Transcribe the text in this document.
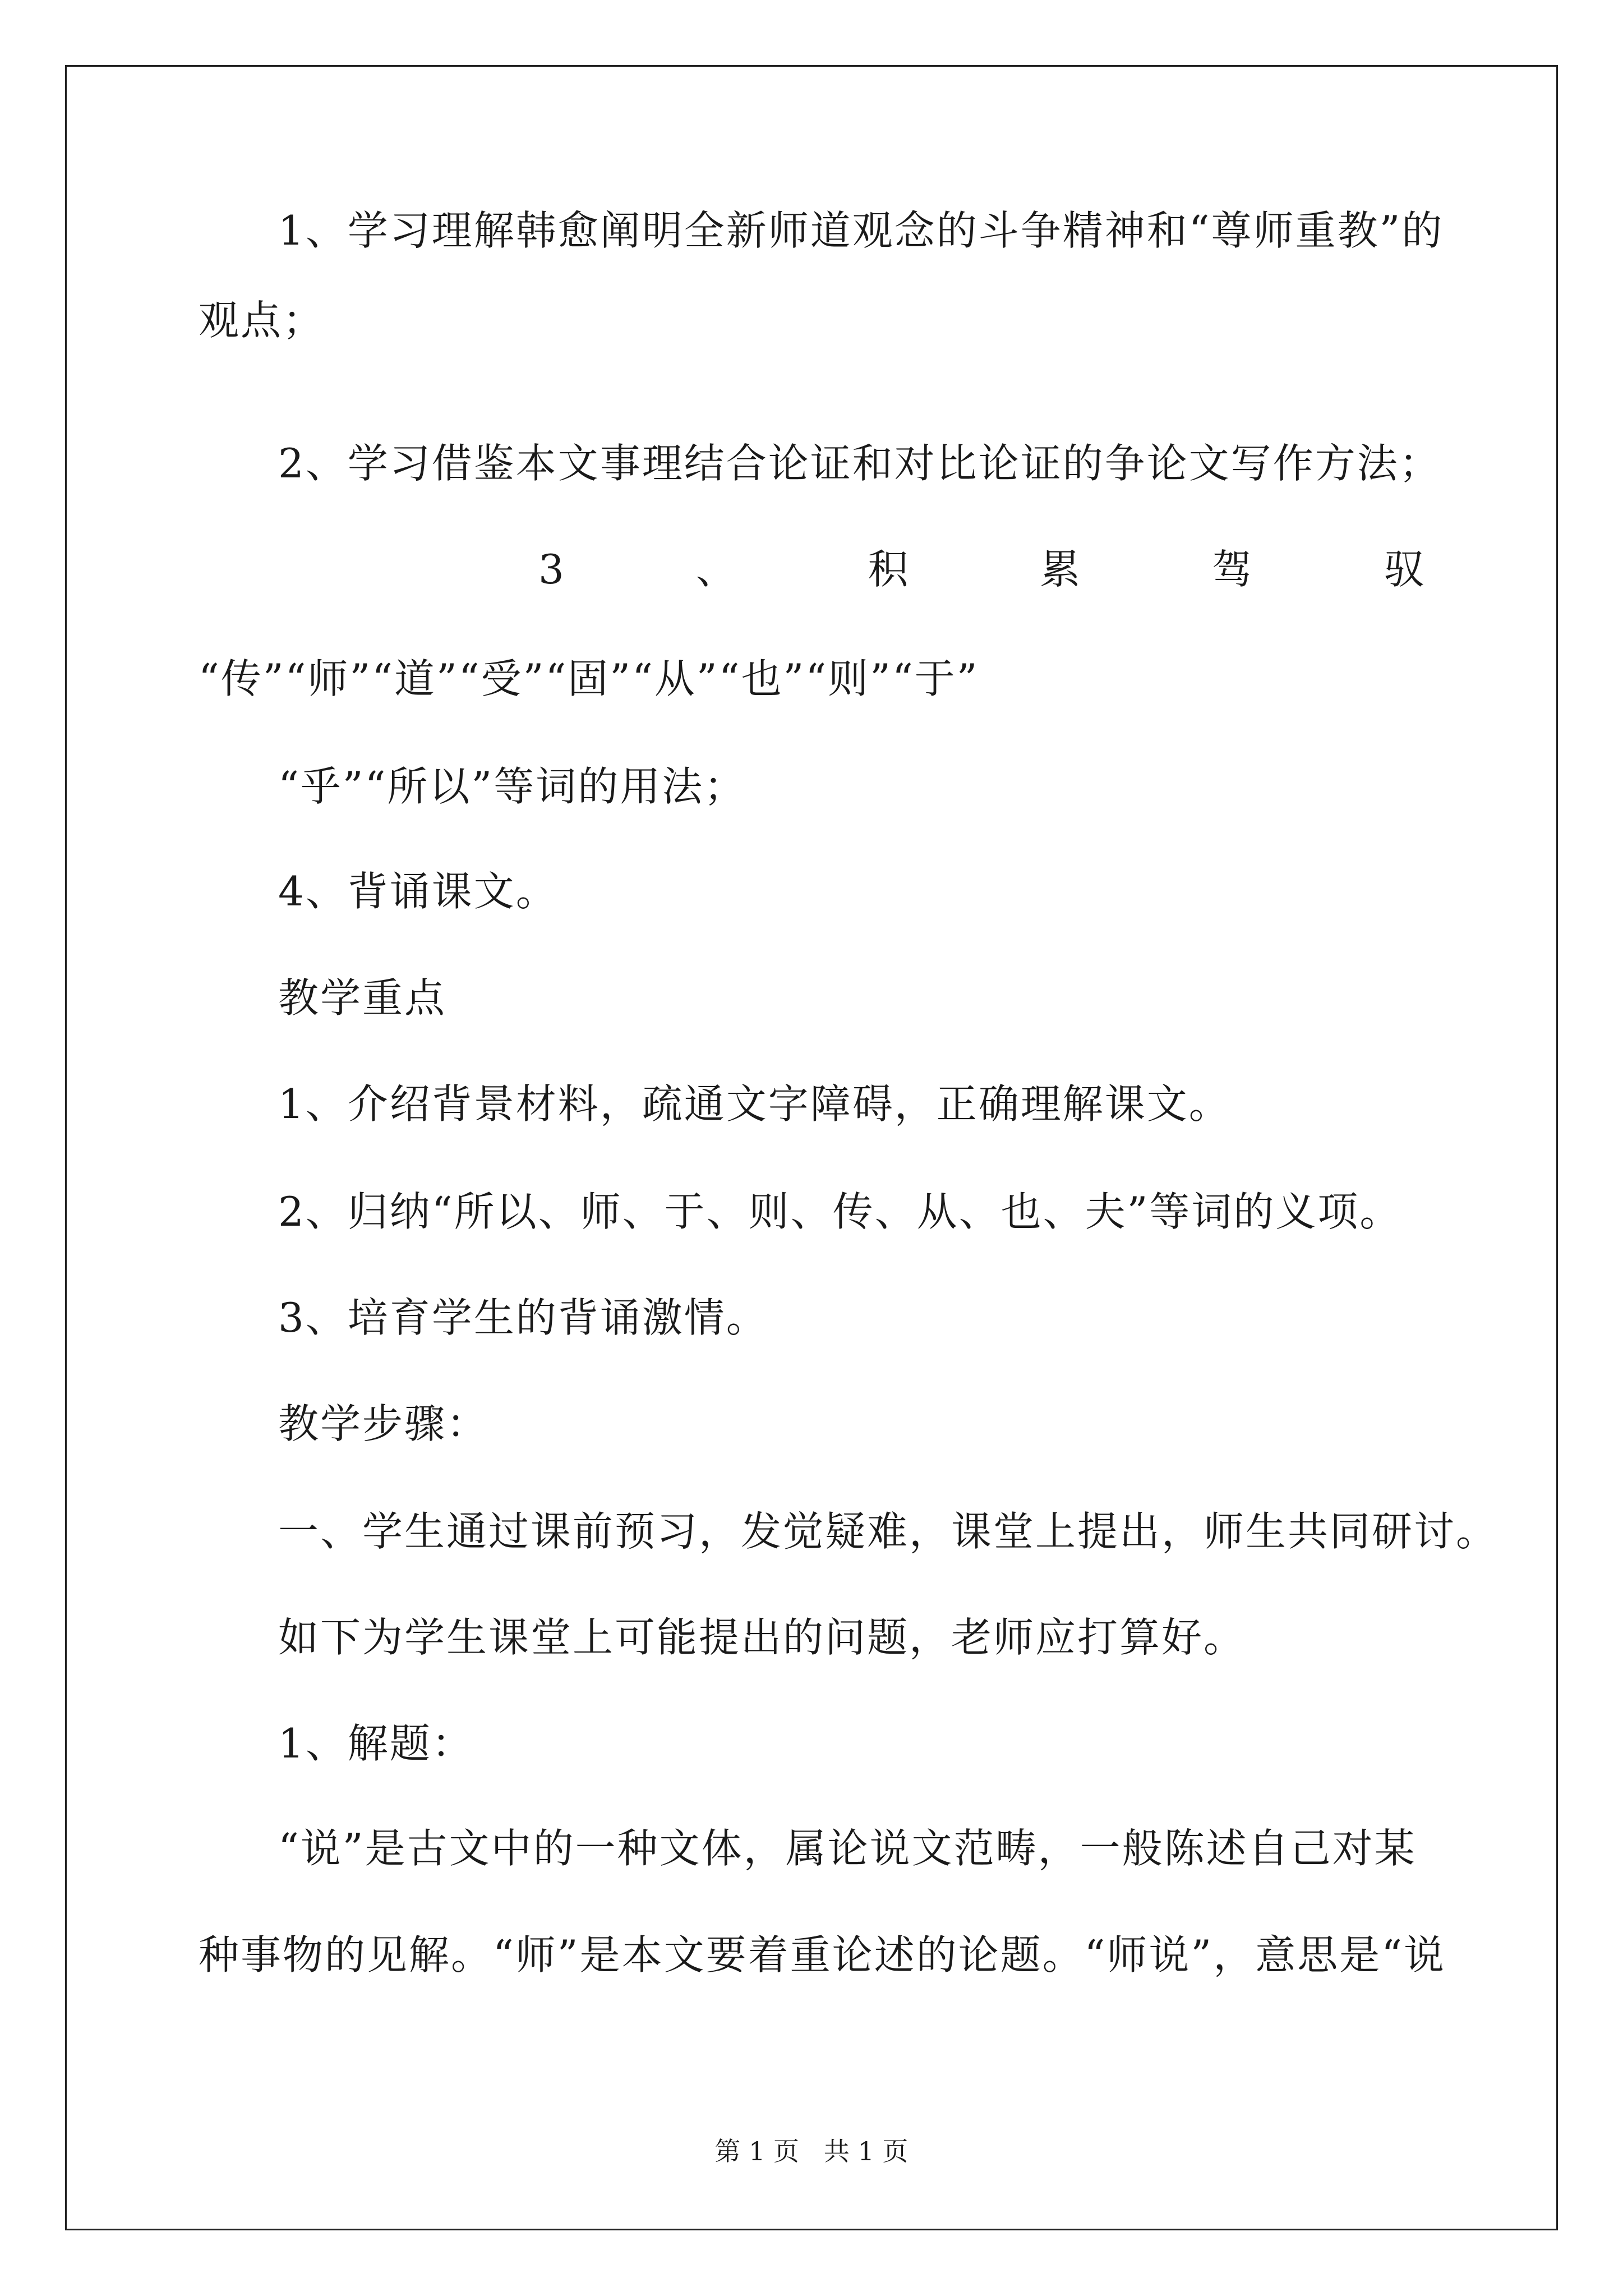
1、学习理解韩愈阐明全新师道观念的斗争精神和“尊师重教”的
观点；
2、学习借鉴本文事理结合论证和对比论证的争论文写作方法；
3	、	积	累	驾	驭
“传”“师”“道”“受”“固”“从”“也”“则”“于”
“乎”“所以”等词的用法；
4、背诵课文。
教学重点
1、介绍背景材料，疏通文字障碍，正确理解课文。
2、归纳“所以、师、于、则、传、从、也、夫”等词的义项。
3、培育学生的背诵激情。
教学步骤：
一、学生通过课前预习，发觉疑难，课堂上提出，师生共同研讨。
如下为学生课堂上可能提出的问题，老师应打算好。
1、解题：
“说”是古文中的一种文体，属论说文范畴，一般陈述自己对某
种事物的见解。“师”是本文要着重论述的论题。“师说”，意思是“说
第 1 页   共 1 页
